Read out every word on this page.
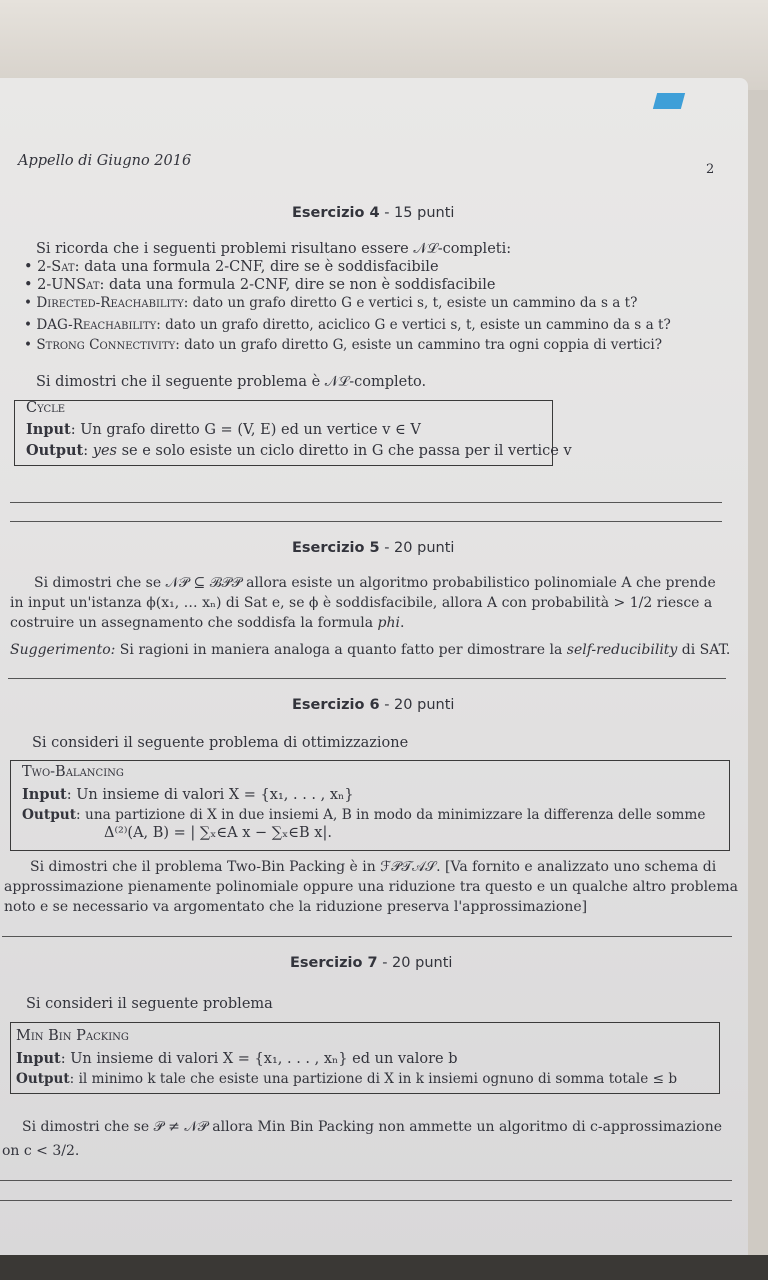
Appello di Giugno 2016
2
Esercizio 4 - 15 punti
Si ricorda che i seguenti problemi risultano essere 𝒩ℒ-completi:
• 2-Sat: data una formula 2-CNF, dire se è soddisfacibile
• 2-UNSat: data una formula 2-CNF, dire se non è soddisfacibile
• Directed-Reachability: dato un grafo diretto G e vertici s, t, esiste un cammino da s a t?
• DAG-Reachability: dato un grafo diretto, aciclico G e vertici s, t, esiste un cammino da s a t?
• Strong Connectivity: dato un grafo diretto G, esiste un cammino tra ogni coppia di vertici?
Si dimostri che il seguente problema è 𝒩ℒ-completo.
Cycle
Input: Un grafo diretto G = (V, E) ed un vertice v ∈ V
Output: yes se e solo esiste un ciclo diretto in G che passa per il vertice v
Esercizio 5 - 20 punti
Si dimostri che se 𝒩𝒫 ⊆ ℬ𝒫𝒫 allora esiste un algoritmo probabilistico polinomiale A che prende
in input un'istanza ϕ(x₁, … xₙ) di Sat e, se ϕ è soddisfacibile, allora A con probabilità > 1/2 riesce a
costruire un assegnamento che soddisfa la formula phi.
Suggerimento: Si ragioni in maniera analoga a quanto fatto per dimostrare la self-reducibility di SAT.
Esercizio 6 - 20 punti
Si consideri il seguente problema di ottimizzazione
Two-Balancing
Input: Un insieme di valori X = {x₁, . . . , xₙ}
Output: una partizione di X in due insiemi A, B in modo da minimizzare la differenza delle somme
Δ⁽²⁾(A, B) = | ∑ₓ∈A x − ∑ₓ∈B x|.
Si dimostri che il problema Two-Bin Packing è in ℱ𝒫𝒯𝒜𝒮. [Va fornito e analizzato uno schema di
approssimazione pienamente polinomiale oppure una riduzione tra questo e un qualche altro problema
noto e se necessario va argomentato che la riduzione preserva l'approssimazione]
Esercizio 7 - 20 punti
Si consideri il seguente problema
Min Bin Packing
Input: Un insieme di valori X = {x₁, . . . , xₙ} ed un valore b
Output: il minimo k tale che esiste una partizione di X in k insiemi ognuno di somma totale ≤ b
Si dimostri che se 𝒫 ≠ 𝒩𝒫 allora Min Bin Packing non ammette un algoritmo di c-approssimazione
on c < 3/2.
